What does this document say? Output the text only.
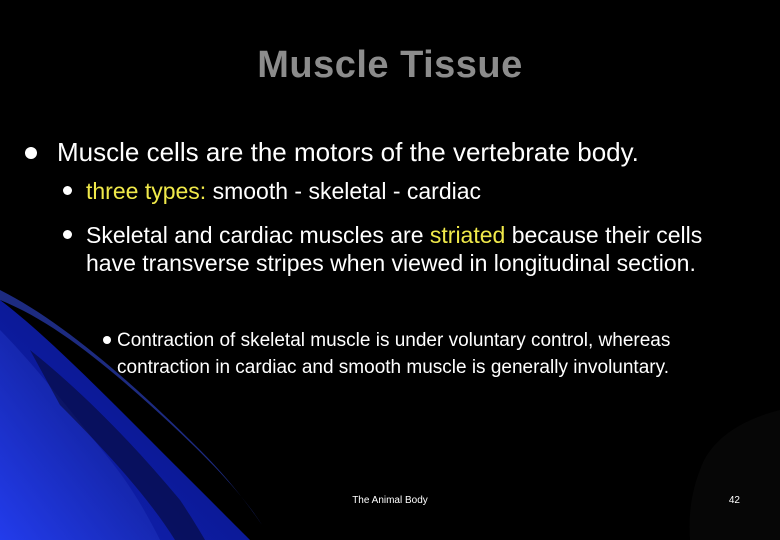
Muscle Tissue
Muscle cells are the motors of the vertebrate body.
three types: smooth - skeletal - cardiac
Skeletal and cardiac muscles are striated because their cells have transverse stripes when viewed in longitudinal section.
Contraction of skeletal muscle is under voluntary control, whereas contraction in cardiac and smooth muscle is generally involuntary.
The Animal Body	42
